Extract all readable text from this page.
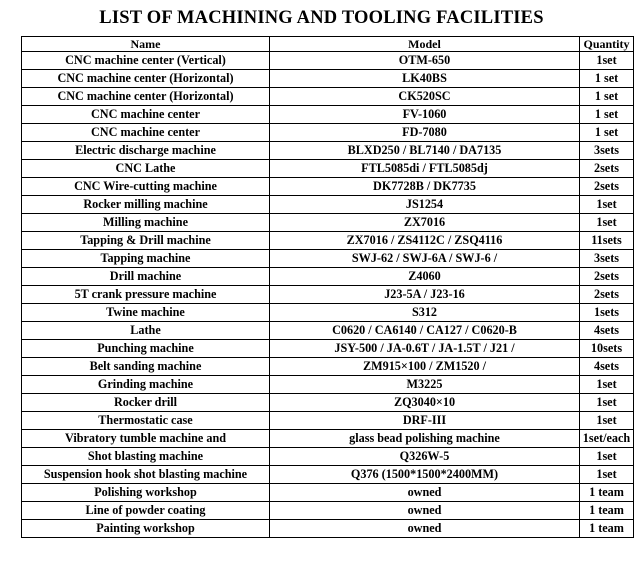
LIST OF MACHINING AND TOOLING FACILITIES
Name	Model	Quantity
CNC machine center (Vertical)	OTM-650	1set
CNC machine center (Horizontal)	LK40BS	1 set
CNC machine center (Horizontal)	CK520SC	1 set
CNC machine center	FV-1060	1 set
CNC machine center	FD-7080	1 set
Electric discharge machine	BLXD250 / BL7140 / DA7135	3sets
CNC Lathe	FTL5085di / FTL5085dj	2sets
CNC Wire-cutting machine	DK7728B / DK7735	2sets
Rocker milling machine	JS1254	1set
Milling machine	ZX7016	1set
Tapping & Drill machine	ZX7016 / ZS4112C / ZSQ4116	11sets
Tapping machine	SWJ-62 / SWJ-6A / SWJ-6 /	3sets
Drill machine	Z4060	2sets
5T crank pressure machine	J23-5A / J23-16	2sets
Twine machine	S312	1sets
Lathe	C0620 / CA6140 / CA127 / C0620-B	4sets
Punching machine	JSY-500 / JA-0.6T / JA-1.5T / J21 /	10sets
Belt sanding machine	ZM915×100 / ZM1520 /	4sets
Grinding machine	M3225	1set
Rocker drill	ZQ3040×10	1set
Thermostatic case	DRF-III	1set
Vibratory tumble machine and	glass bead polishing machine	1set/each
Shot blasting machine	Q326W-5	1set
Suspension hook shot blasting machine	Q376 (1500*1500*2400MM)	1set
Polishing workshop	owned	1 team
Line of powder coating	owned	1 team
Painting workshop	owned	1 team
